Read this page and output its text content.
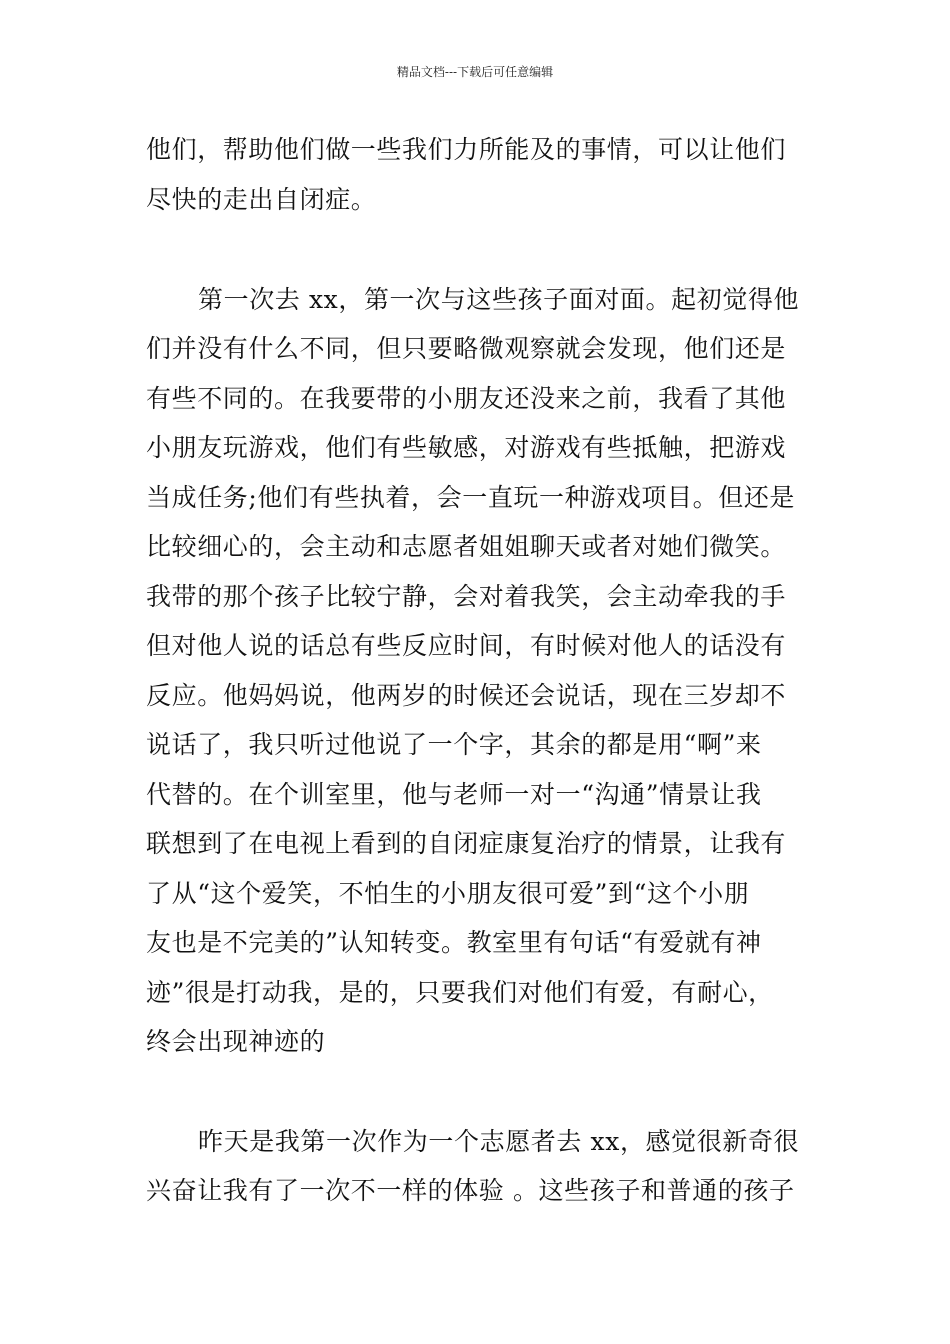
精品文档---下载后可任意编辑
他们，帮助他们做一些我们力所能及的事情，可以让他们
尽快的走出自闭症。
第一次去 xx，第一次与这些孩子面对面。起初觉得他
们并没有什么不同，但只要略微观察就会发现，他们还是
有些不同的。在我要带的小朋友还没来之前，我看了其他
小朋友玩游戏，他们有些敏感，对游戏有些抵触，把游戏
当成任务;他们有些执着，会一直玩一种游戏项目。但还是
比较细心的，会主动和志愿者姐姐聊天或者对她们微笑。
我带的那个孩子比较宁静，会对着我笑，会主动牵我的手
但对他人说的话总有些反应时间，有时候对他人的话没有
反应。他妈妈说，他两岁的时候还会说话，现在三岁却不
说话了，我只听过他说了一个字，其余的都是用“啊”来
代替的。在个训室里，他与老师一对一“沟通”情景让我
联想到了在电视上看到的自闭症康复治疗的情景，让我有
了从“这个爱笑，不怕生的小朋友很可爱”到“这个小朋
友也是不完美的”认知转变。教室里有句话“有爱就有神
迹”很是打动我，是的，只要我们对他们有爱，有耐心，
终会出现神迹的
昨天是我第一次作为一个志愿者去 xx，感觉很新奇很
兴奋让我有了一次不一样的体验 。这些孩子和普通的孩子
